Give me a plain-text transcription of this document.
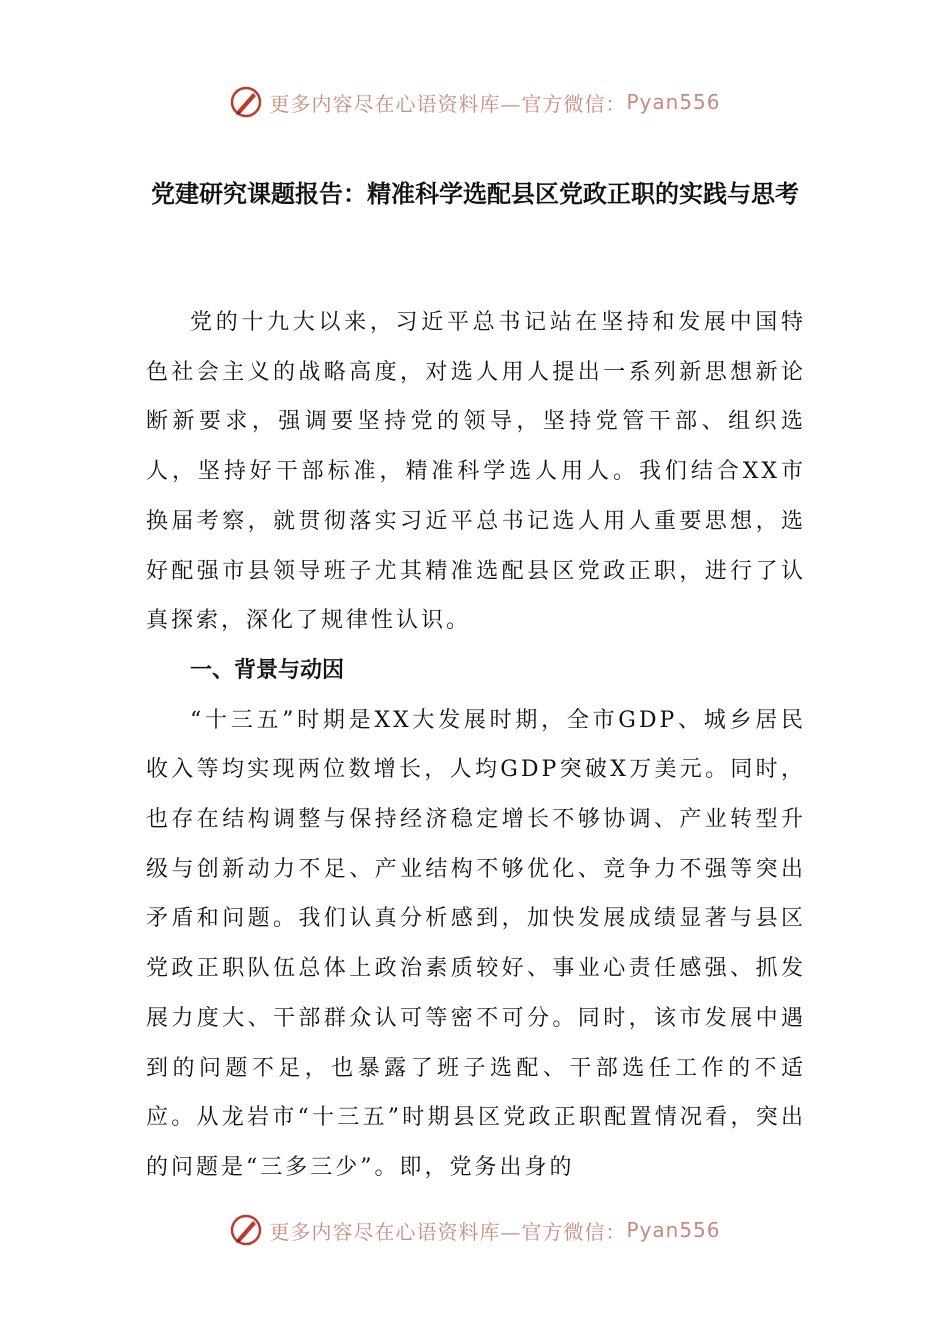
更多内容尽在心语资料库—官方微信： Pyan556
党建研究课题报告：精准科学选配县区党政正职的实践与思考

党的十九大以来，习近平总书记站在坚持和发展中国特色社会主义的战略高度，对选人用人提出一系列新思想新论断新要求，强调要坚持党的领导，坚持党管干部、组织选人，坚持好干部标准，精准科学选人用人。我们结合XX市换届考察，就贯彻落实习近平总书记选人用人重要思想，选好配强市县领导班子尤其精准选配县区党政正职，进行了认真探索，深化了规律性认识。

一、背景与动因

“十三五”时期是XX大发展时期，全市GDP、城乡居民收入等均实现两位数增长，人均GDP突破X万美元。同时，也存在结构调整与保持经济稳定增长不够协调、产业转型升级与创新动力不足、产业结构不够优化、竞争力不强等突出矛盾和问题。我们认真分析感到，加快发展成绩显著与县区党政正职队伍总体上政治素质较好、事业心责任感强、抓发展力度大、干部群众认可等密不可分。同时，该市发展中遇到的问题不足，也暴露了班子选配、干部选任工作的不适应。从龙岩市“十三五”时期县区党政正职配置情况看，突出的问题是“三多三少”。即，党务出身的

更多内容尽在心语资料库—官方微信： Pyan556
